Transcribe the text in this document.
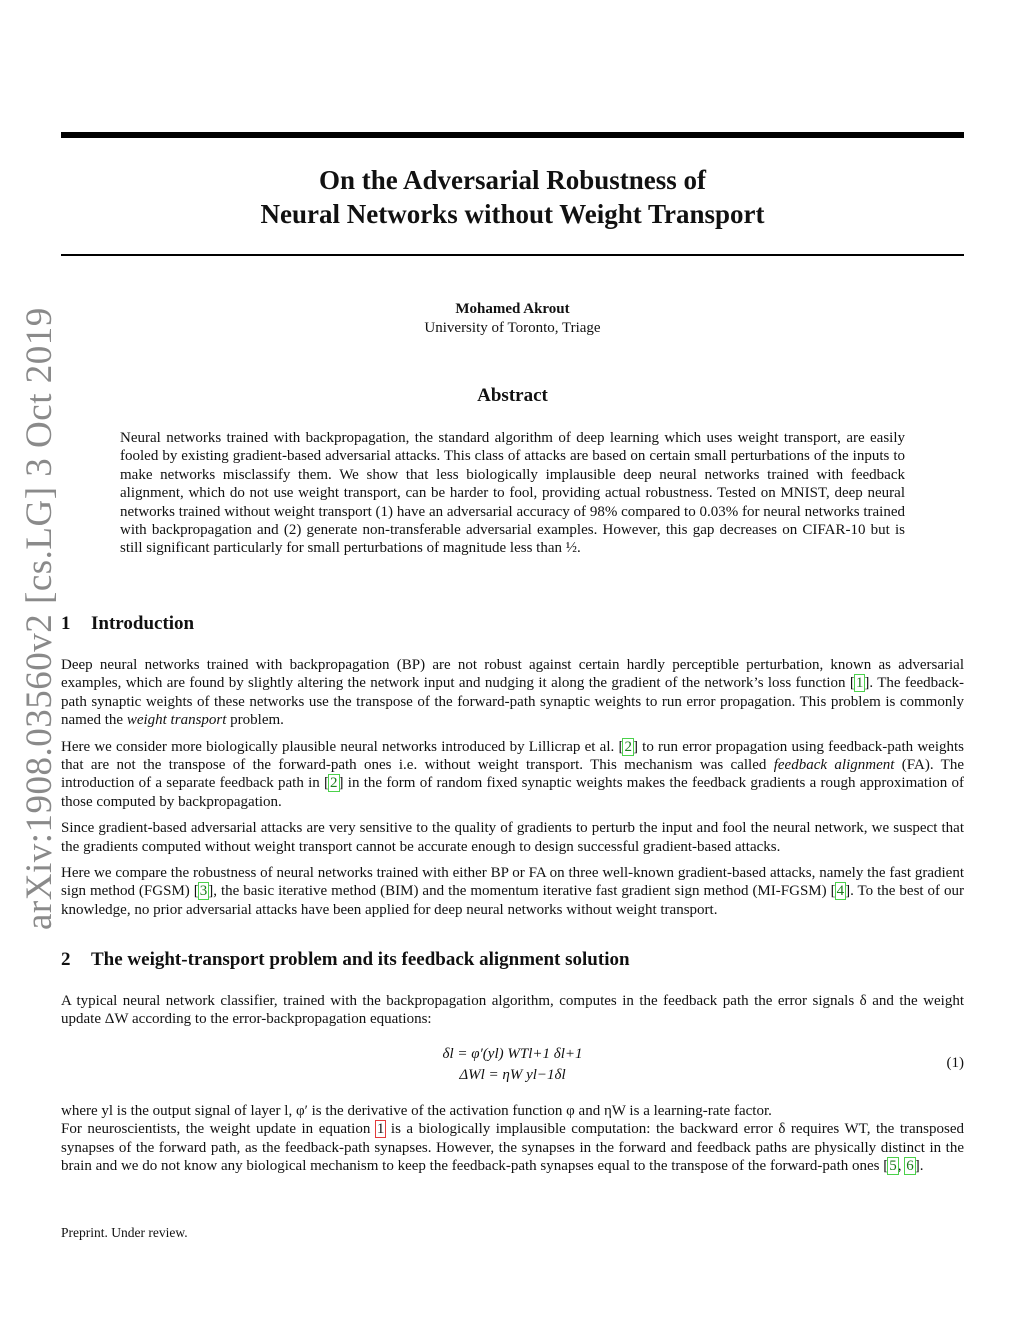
arXiv:1908.03560v2 [cs.LG] 3 Oct 2019
On the Adversarial Robustness of
Neural Networks without Weight Transport
Mohamed Akrout
University of Toronto, Triage
Abstract
Neural networks trained with backpropagation, the standard algorithm of deep learning which uses weight transport, are easily fooled by existing gradient-based adversarial attacks. This class of attacks are based on certain small perturbations of the inputs to make networks misclassify them. We show that less biologically implausible deep neural networks trained with feedback alignment, which do not use weight transport, can be harder to fool, providing actual robustness. Tested on MNIST, deep neural networks trained without weight transport (1) have an adversarial accuracy of 98% compared to 0.03% for neural networks trained with backpropagation and (2) generate non-transferable adversarial examples. However, this gap decreases on CIFAR-10 but is still significant particularly for small perturbations of magnitude less than ½.
1 Introduction

Deep neural networks trained with backpropagation (BP) are not robust against certain hardly perceptible perturbation, known as adversarial examples, which are found by slightly altering the network input and nudging it along the gradient of the network’s loss function [1]. The feedback-path synaptic weights of these networks use the transpose of the forward-path synaptic weights to run error propagation. This problem is commonly named the weight transport problem.

Here we consider more biologically plausible neural networks introduced by Lillicrap et al. [2] to run error propagation using feedback-path weights that are not the transpose of the forward-path ones i.e. without weight transport. This mechanism was called feedback alignment (FA). The introduction of a separate feedback path in [2] in the form of random fixed synaptic weights makes the feedback gradients a rough approximation of those computed by backpropagation.

Since gradient-based adversarial attacks are very sensitive to the quality of gradients to perturb the input and fool the neural network, we suspect that the gradients computed without weight transport cannot be accurate enough to design successful gradient-based attacks.

Here we compare the robustness of neural networks trained with either BP or FA on three well-known gradient-based attacks, namely the fast gradient sign method (FGSM) [3], the basic iterative method (BIM) and the momentum iterative fast gradient sign method (MI-FGSM) [4]. To the best of our knowledge, no prior adversarial attacks have been applied for deep neural networks without weight transport.

2 The weight-transport problem and its feedback alignment solution

A typical neural network classifier, trained with the backpropagation algorithm, computes in the feedback path the error signals δ and the weight update ΔW according to the error-backpropagation equations:

δl = φ′(yl) WTl+1 δl+1
ΔWl = ηW yl−1δl
(1)
where yl is the output signal of layer l, φ′ is the derivative of the activation function φ and ηW is a learning-rate factor.
For neuroscientists, the weight update in equation 1 is a biologically implausible computation: the backward error δ requires WT, the transposed synapses of the forward path, as the feedback-path synapses. However, the synapses in the forward and feedback paths are physically distinct in the brain and we do not know any biological mechanism to keep the feedback-path synapses equal to the transpose of the forward-path ones [5, 6].
Preprint. Under review.
